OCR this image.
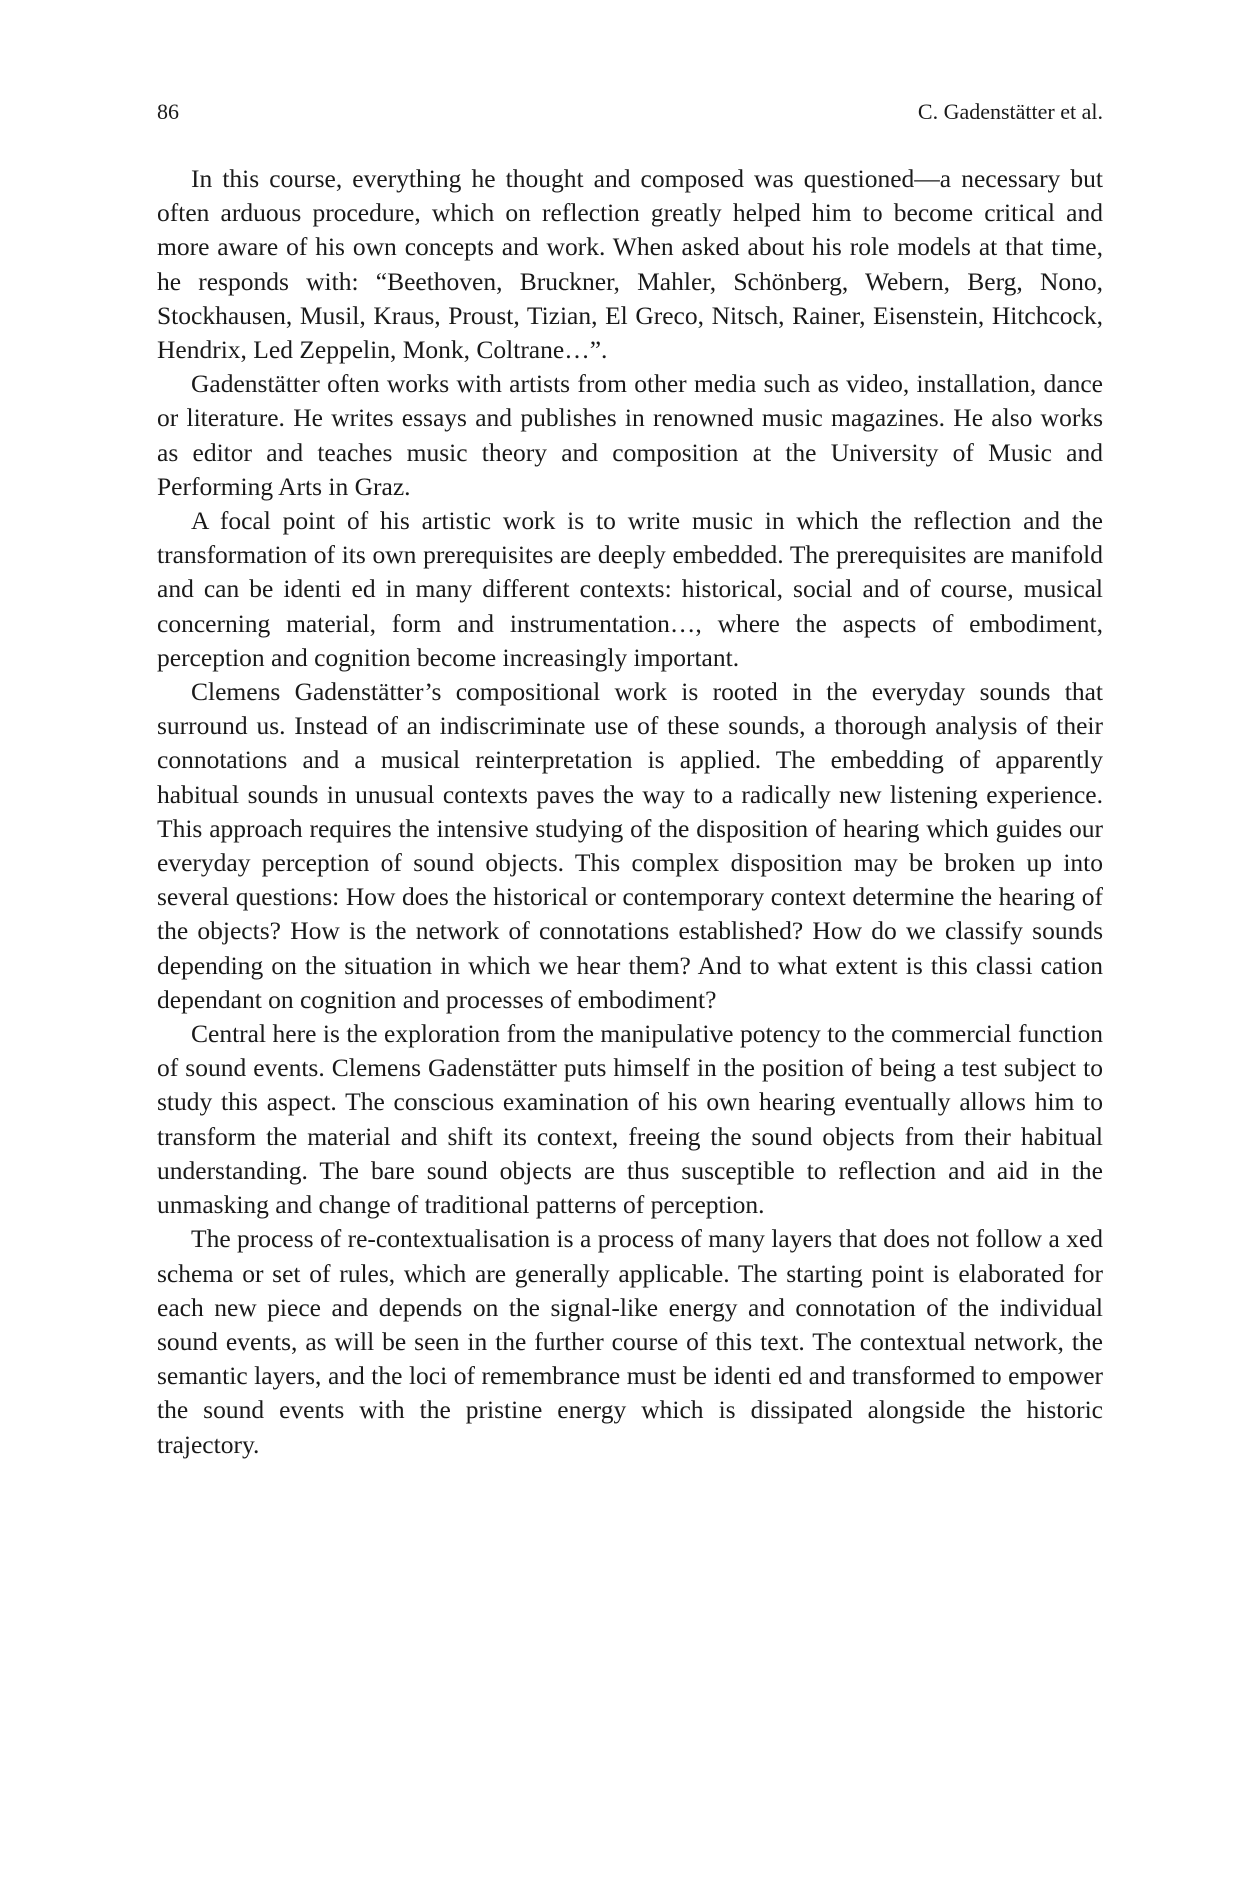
86	C. Gadenstätter et al.

In this course, everything he thought and composed was questioned—a necessary but often arduous procedure, which on reflection greatly helped him to become critical and more aware of his own concepts and work. When asked about his role models at that time, he responds with: “Beethoven, Bruckner, Mahler, Schönberg, Webern, Berg, Nono, Stockhausen, Musil, Kraus, Proust, Tizian, El Greco, Nitsch, Rainer, Eisenstein, Hitchcock, Hendrix, Led Zeppelin, Monk, Coltrane…”.

Gadenstätter often works with artists from other media such as video, installation, dance or literature. He writes essays and publishes in renowned music magazines. He also works as editor and teaches music theory and composition at the University of Music and Performing Arts in Graz.

A focal point of his artistic work is to write music in which the reflection and the transformation of its own prerequisites are deeply embedded. The prerequisites are manifold and can be identi ed in many different contexts: historical, social and of course, musical concerning material, form and instrumentation…, where the aspects of embodiment, perception and cognition become increasingly important.

Clemens Gadenstätter’s compositional work is rooted in the everyday sounds that surround us. Instead of an indiscriminate use of these sounds, a thorough analysis of their connotations and a musical reinterpretation is applied. The embedding of apparently habitual sounds in unusual contexts paves the way to a radically new listening experience. This approach requires the intensive studying of the disposition of hearing which guides our everyday perception of sound objects. This complex disposition may be broken up into several questions: How does the historical or contemporary context determine the hearing of the objects? How is the network of connotations established? How do we classify sounds depending on the situation in which we hear them? And to what extent is this classi cation dependant on cognition and processes of embodiment?

Central here is the exploration from the manipulative potency to the commercial function of sound events. Clemens Gadenstätter puts himself in the position of being a test subject to study this aspect. The conscious examination of his own hearing eventually allows him to transform the material and shift its context, freeing the sound objects from their habitual understanding. The bare sound objects are thus susceptible to reflection and aid in the unmasking and change of traditional patterns of perception.

The process of re-contextualisation is a process of many layers that does not follow a xed schema or set of rules, which are generally applicable. The starting point is elaborated for each new piece and depends on the signal-like energy and connotation of the individual sound events, as will be seen in the further course of this text. The contextual network, the semantic layers, and the loci of remembrance must be identi ed and transformed to empower the sound events with the pristine energy which is dissipated alongside the historic trajectory.
